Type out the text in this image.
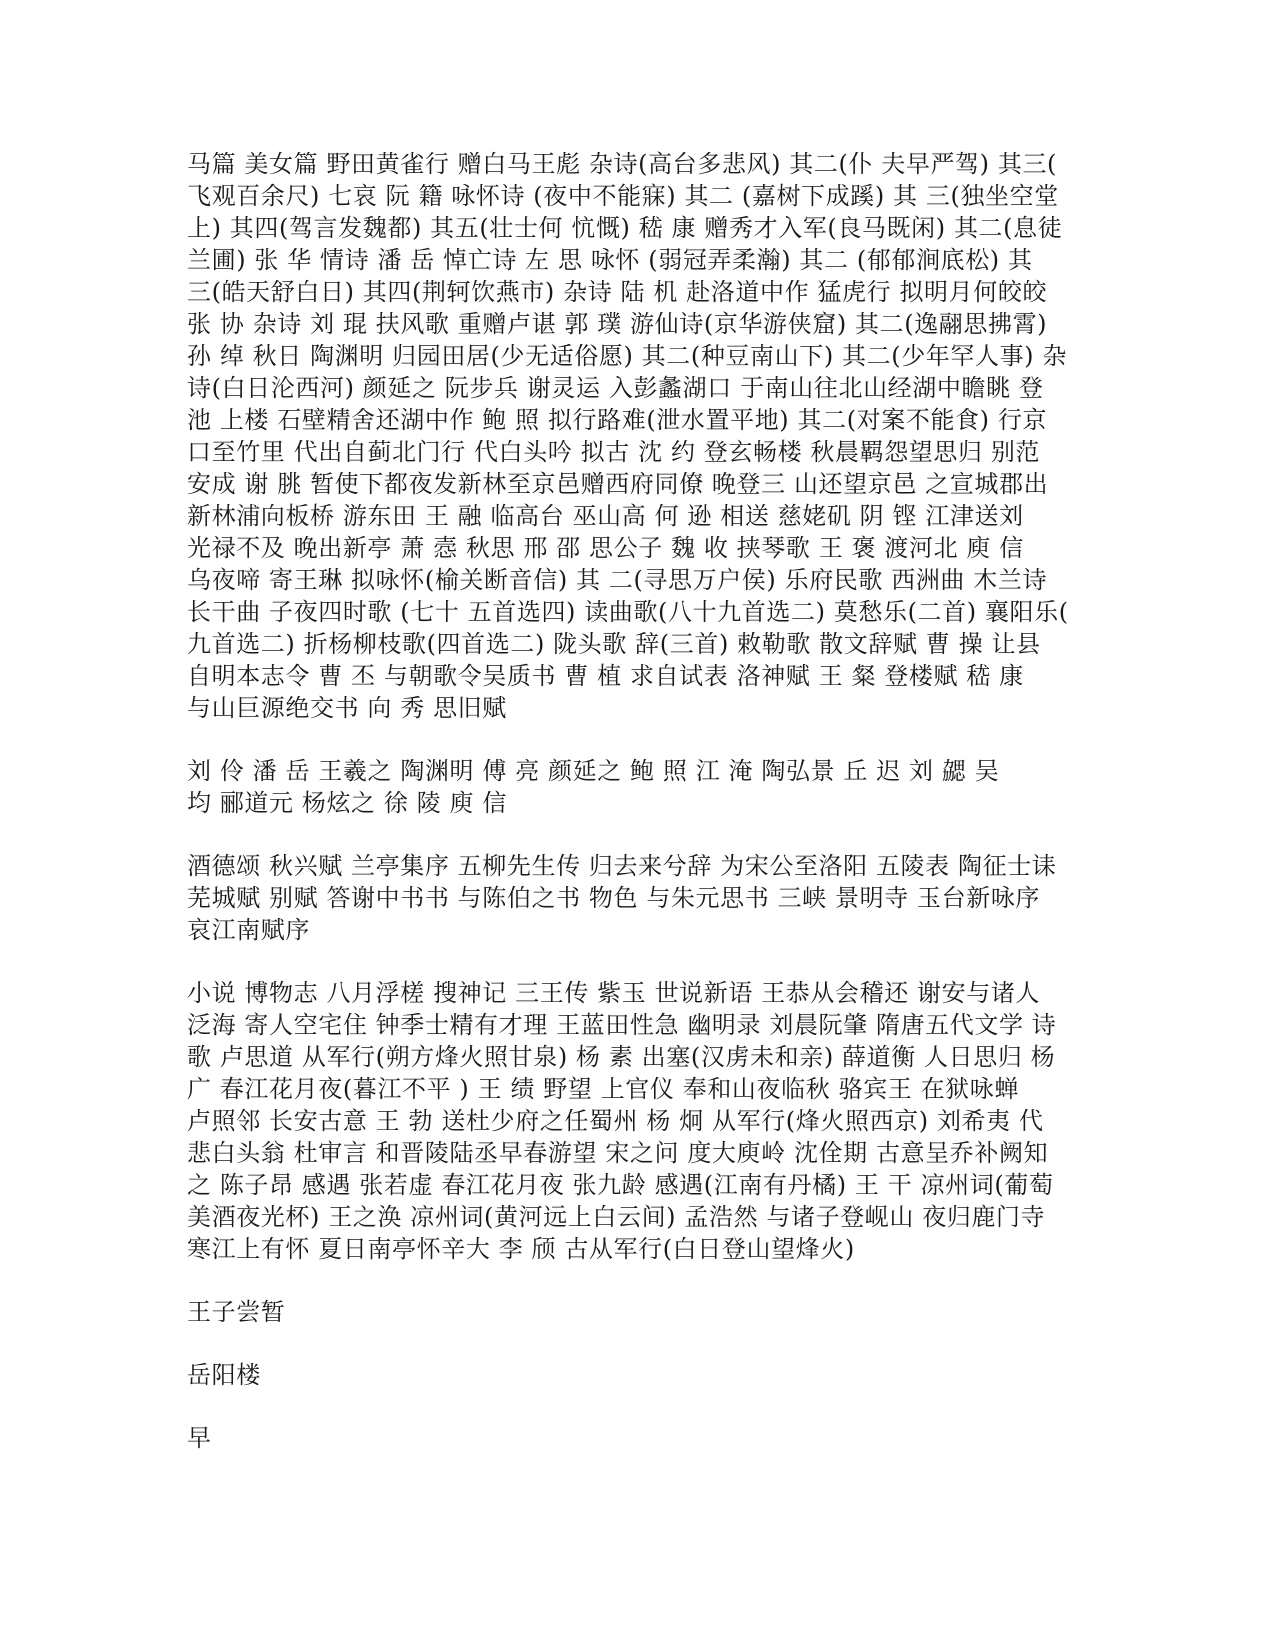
马篇 美女篇 野田黄雀行 赠白马王彪 杂诗(高台多悲风) 其二(仆 夫早严驾) 其三(
飞观百余尺) 七哀 阮 籍 咏怀诗 (夜中不能寐) 其二 (嘉树下成蹊) 其 三(独坐空堂
上) 其四(驾言发魏都) 其五(壮士何 忼慨) 嵇 康 赠秀才入军(良马既闲) 其二(息徒
兰圃) 张 华 情诗 潘 岳 悼亡诗 左 思 咏怀 (弱冠弄柔瀚) 其二 (郁郁涧底松) 其
三(皓天舒白日) 其四(荆轲饮燕市) 杂诗 陆 机 赴洛道中作 猛虎行 拟明月何皎皎
张 协 杂诗 刘 琨 扶风歌 重赠卢谌 郭 璞 游仙诗(京华游侠窟) 其二(逸翮思拂霄)
孙 绰 秋日 陶渊明 归园田居(少无适俗愿) 其二(种豆南山下) 其二(少年罕人事) 杂
诗(白日沦西河) 颜延之 阮步兵 谢灵运 入彭蠡湖口 于南山往北山经湖中瞻眺 登
池 上楼 石壁精舍还湖中作 鲍 照 拟行路难(泄水置平地) 其二(对案不能食) 行京
口至竹里 代出自蓟北门行 代白头吟 拟古 沈 约 登玄畅楼 秋晨羁怨望思归 别范
安成 谢 朓 暂使下都夜发新林至京邑赠西府同僚 晚登三 山还望京邑 之宣城郡出
新林浦向板桥 游东田 王 融 临高台 巫山高 何 逊 相送 慈姥矶 阴 铿 江津送刘
光禄不及 晚出新亭 萧 悫 秋思 邢 邵 思公子 魏 收 挟琴歌 王 褒 渡河北 庾 信
乌夜啼 寄王琳 拟咏怀(榆关断音信) 其 二(寻思万户侯) 乐府民歌 西洲曲 木兰诗
长干曲 子夜四时歌 (七十 五首选四) 读曲歌(八十九首选二) 莫愁乐(二首) 襄阳乐(
九首选二) 折杨柳枝歌(四首选二) 陇头歌 辞(三首) 敕勒歌 散文辞赋 曹 操 让县
自明本志令 曹 丕 与朝歌令吴质书 曹 植 求自试表 洛神赋 王 粲 登楼赋 嵇 康
与山巨源绝交书 向 秀 思旧赋
刘 伶 潘 岳 王羲之 陶渊明 傅 亮 颜延之 鲍 照 江 淹 陶弘景 丘 迟 刘 勰 吴
均 郦道元 杨炫之 徐 陵 庾 信
酒德颂 秋兴赋 兰亭集序 五柳先生传 归去来兮辞 为宋公至洛阳 五陵表 陶征士诔
芜城赋 别赋 答谢中书书 与陈伯之书 物色 与朱元思书 三峡 景明寺 玉台新咏序
哀江南赋序
小说 博物志 八月浮槎 搜神记 三王传 紫玉 世说新语 王恭从会稽还 谢安与诸人
泛海 寄人空宅住 钟季士精有才理 王蓝田性急 幽明录 刘晨阮肇 隋唐五代文学 诗
歌 卢思道 从军行(朔方烽火照甘泉) 杨 素 出塞(汉虏未和亲) 薛道衡 人日思归 杨
广 春江花月夜(暮江不平 ) 王 绩 野望 上官仪 奉和山夜临秋 骆宾王 在狱咏蝉
卢照邻 长安古意 王 勃 送杜少府之任蜀州 杨 炯 从军行(烽火照西京) 刘希夷 代
悲白头翁 杜审言 和晋陵陆丞早春游望 宋之问 度大庾岭 沈佺期 古意呈乔补阙知
之 陈子昂 感遇 张若虚 春江花月夜 张九龄 感遇(江南有丹橘) 王 干 凉州词(葡萄
美酒夜光杯) 王之涣 凉州词(黄河远上白云间) 孟浩然 与诸子登岘山 夜归鹿门寺
寒江上有怀 夏日南亭怀辛大 李 颀 古从军行(白日登山望烽火)
王子尝暂
岳阳楼
早
